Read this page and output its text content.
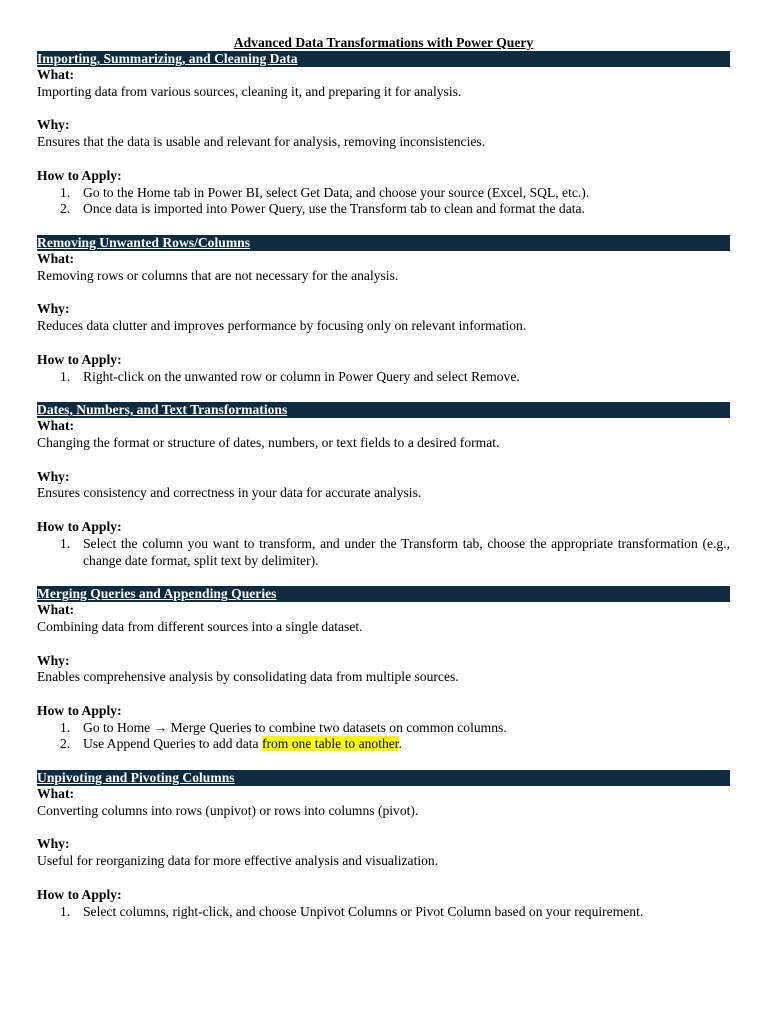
Advanced Data Transformations with Power Query
Importing, Summarizing, and Cleaning Data
What:
Importing data from various sources, cleaning it, and preparing it for analysis.
Why:
Ensures that the data is usable and relevant for analysis, removing inconsistencies.
How to Apply:
1. Go to the Home tab in Power BI, select Get Data, and choose your source (Excel, SQL, etc.).
2. Once data is imported into Power Query, use the Transform tab to clean and format the data.
Removing Unwanted Rows/Columns
What:
Removing rows or columns that are not necessary for the analysis.
Why:
Reduces data clutter and improves performance by focusing only on relevant information.
How to Apply:
1. Right-click on the unwanted row or column in Power Query and select Remove.
Dates, Numbers, and Text Transformations
What:
Changing the format or structure of dates, numbers, or text fields to a desired format.
Why:
Ensures consistency and correctness in your data for accurate analysis.
How to Apply:
1. Select the column you want to transform, and under the Transform tab, choose the appropriate transformation (e.g., change date format, split text by delimiter).
Merging Queries and Appending Queries
What:
Combining data from different sources into a single dataset.
Why:
Enables comprehensive analysis by consolidating data from multiple sources.
How to Apply:
1. Go to Home → Merge Queries to combine two datasets on common columns.
2. Use Append Queries to add data from one table to another.
Unpivoting and Pivoting Columns
What:
Converting columns into rows (unpivot) or rows into columns (pivot).
Why:
Useful for reorganizing data for more effective analysis and visualization.
How to Apply:
1. Select columns, right-click, and choose Unpivot Columns or Pivot Column based on your requirement.
